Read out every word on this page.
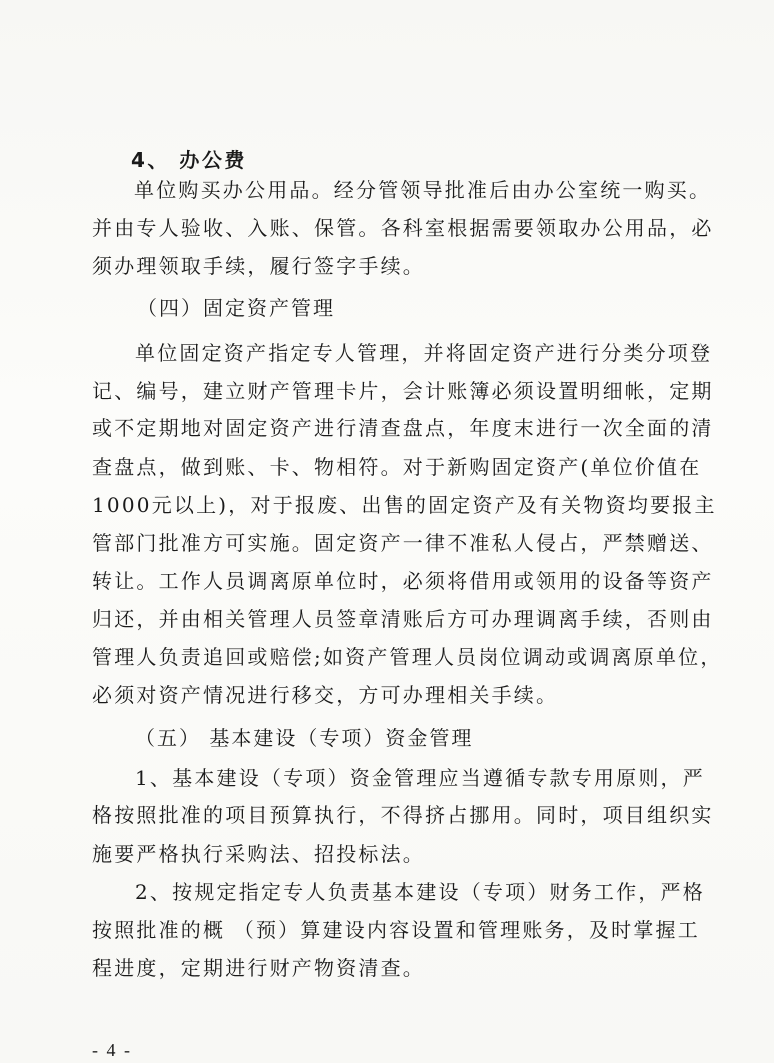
4、 办公费
单位购买办公用品。经分管领导批准后由办公室统一购买。
并由专人验收、入账、保管。各科室根据需要领取办公用品，必
须办理领取手续，履行签字手续。
（四）固定资产管理
单位固定资产指定专人管理，并将固定资产进行分类分项登
记、编号，建立财产管理卡片，会计账簿必须设置明细帐，定期
或不定期地对固定资产进行清查盘点，年度末进行一次全面的清
查盘点，做到账、卡、物相符。对于新购固定资产(单位价值在
1000元以上)，对于报废、出售的固定资产及有关物资均要报主
管部门批准方可实施。固定资产一律不准私人侵占，严禁赠送、
转让。工作人员调离原单位时，必须将借用或领用的设备等资产
归还，并由相关管理人员签章清账后方可办理调离手续，否则由
管理人负责追回或赔偿;如资产管理人员岗位调动或调离原单位，
必须对资产情况进行移交，方可办理相关手续。
（五） 基本建设（专项）资金管理
1、基本建设（专项）资金管理应当遵循专款专用原则，严
格按照批准的项目预算执行，不得挤占挪用。同时，项目组织实
施要严格执行采购法、招投标法。
2、按规定指定专人负责基本建设（专项）财务工作，严格
按照批准的概 （预）算建设内容设置和管理账务，及时掌握工
程进度，定期进行财产物资清查。
- 4 -
